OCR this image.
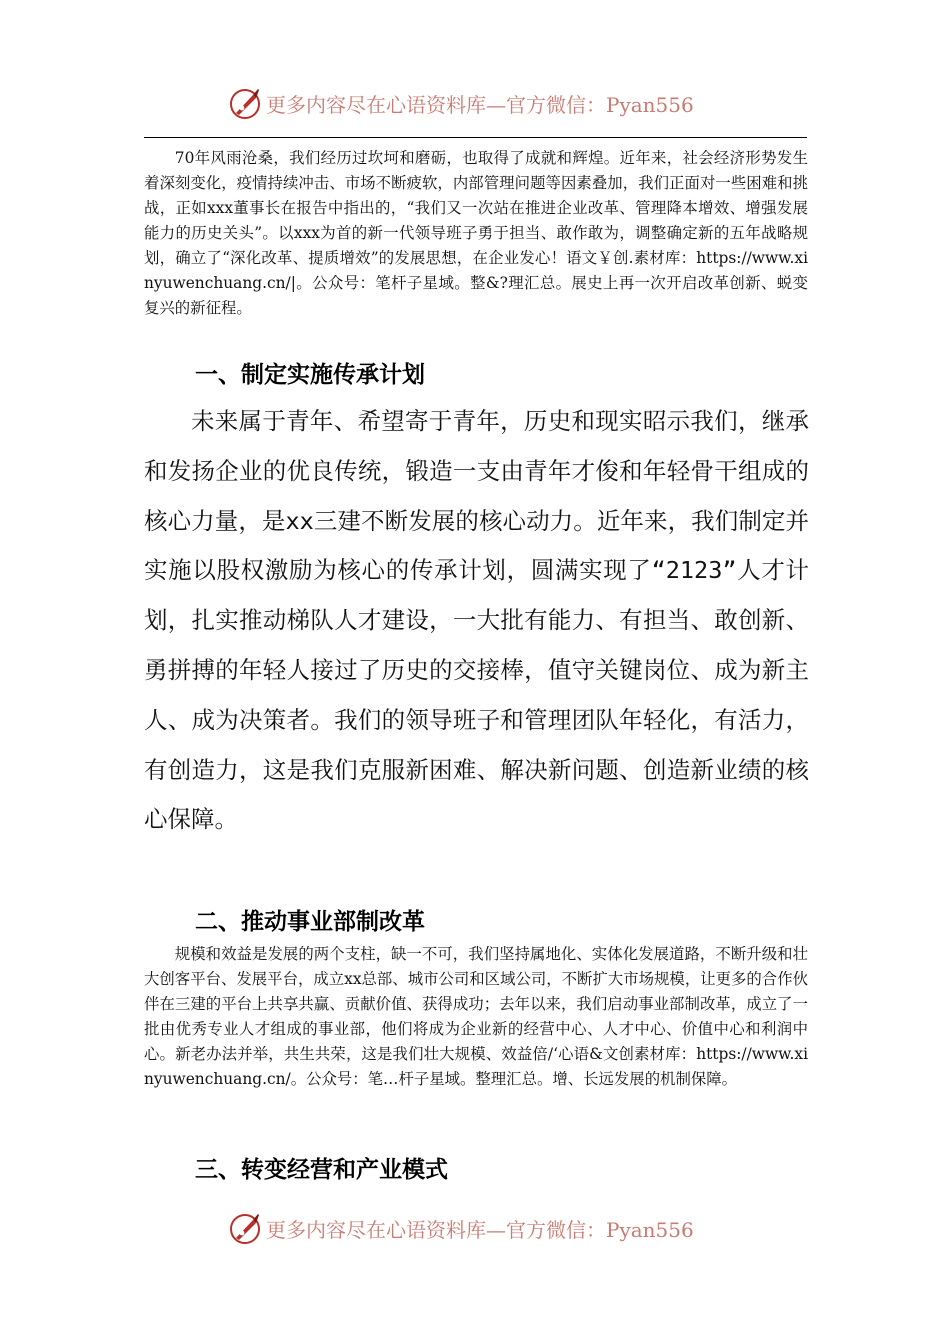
更多内容尽在心语资料库—官方微信：Pyan556

70年风雨沧桑，我们经历过坎坷和磨砺，也取得了成就和辉煌。近年来，社会经济形势发生着深刻变化，疫情持续冲击、市场不断疲软，内部管理问题等因素叠加，我们正面对一些困难和挑战，正如xxx董事长在报告中指出的，“我们又一次站在推进企业改革、管理降本增效、增强发展能力的历史关头”。以xxx为首的新一代领导班子勇于担当、敢作敢为，调整确定新的五年战略规划，确立了“深化改革、提质增效”的发展思想，在企业发心！语文￥创.素材库：https://www.xinyuwenchuang.cn/|。公众号：笔杆子星域。整&?理汇总。展史上再一次开启改革创新、蜕变复兴的新征程。

一、制定实施传承计划

未来属于青年、希望寄于青年，历史和现实昭示我们，继承和发扬企业的优良传统，锻造一支由青年才俊和年轻骨干组成的核心力量，是xx三建不断发展的核心动力。近年来，我们制定并实施以股权激励为核心的传承计划，圆满实现了“2123”人才计划，扎实推动梯队人才建设，一大批有能力、有担当、敢创新、勇拼搏的年轻人接过了历史的交接棒，值守关键岗位、成为新主人、成为决策者。我们的领导班子和管理团队年轻化，有活力，有创造力，这是我们克服新困难、解决新问题、创造新业绩的核心保障。

二、推动事业部制改革

规模和效益是发展的两个支柱，缺一不可，我们坚持属地化、实体化发展道路，不断升级和壮大创客平台、发展平台，成立xx总部、城市公司和区域公司，不断扩大市场规模，让更多的合作伙伴在三建的平台上共享共赢、贡献价值、获得成功；去年以来，我们启动事业部制改革，成立了一批由优秀专业人才组成的事业部，他们将成为企业新的经营中心、人才中心、价值中心和利润中心。新老办法并举，共生共荣，这是我们壮大规模、效益倍/‘心语&文创素材库：https://www.xinyuwenchuang.cn/。公众号：笔…杆子星域。整理汇总。增、长远发展的机制保障。

三、转变经营和产业模式
更多内容尽在心语资料库—官方微信：Pyan556
